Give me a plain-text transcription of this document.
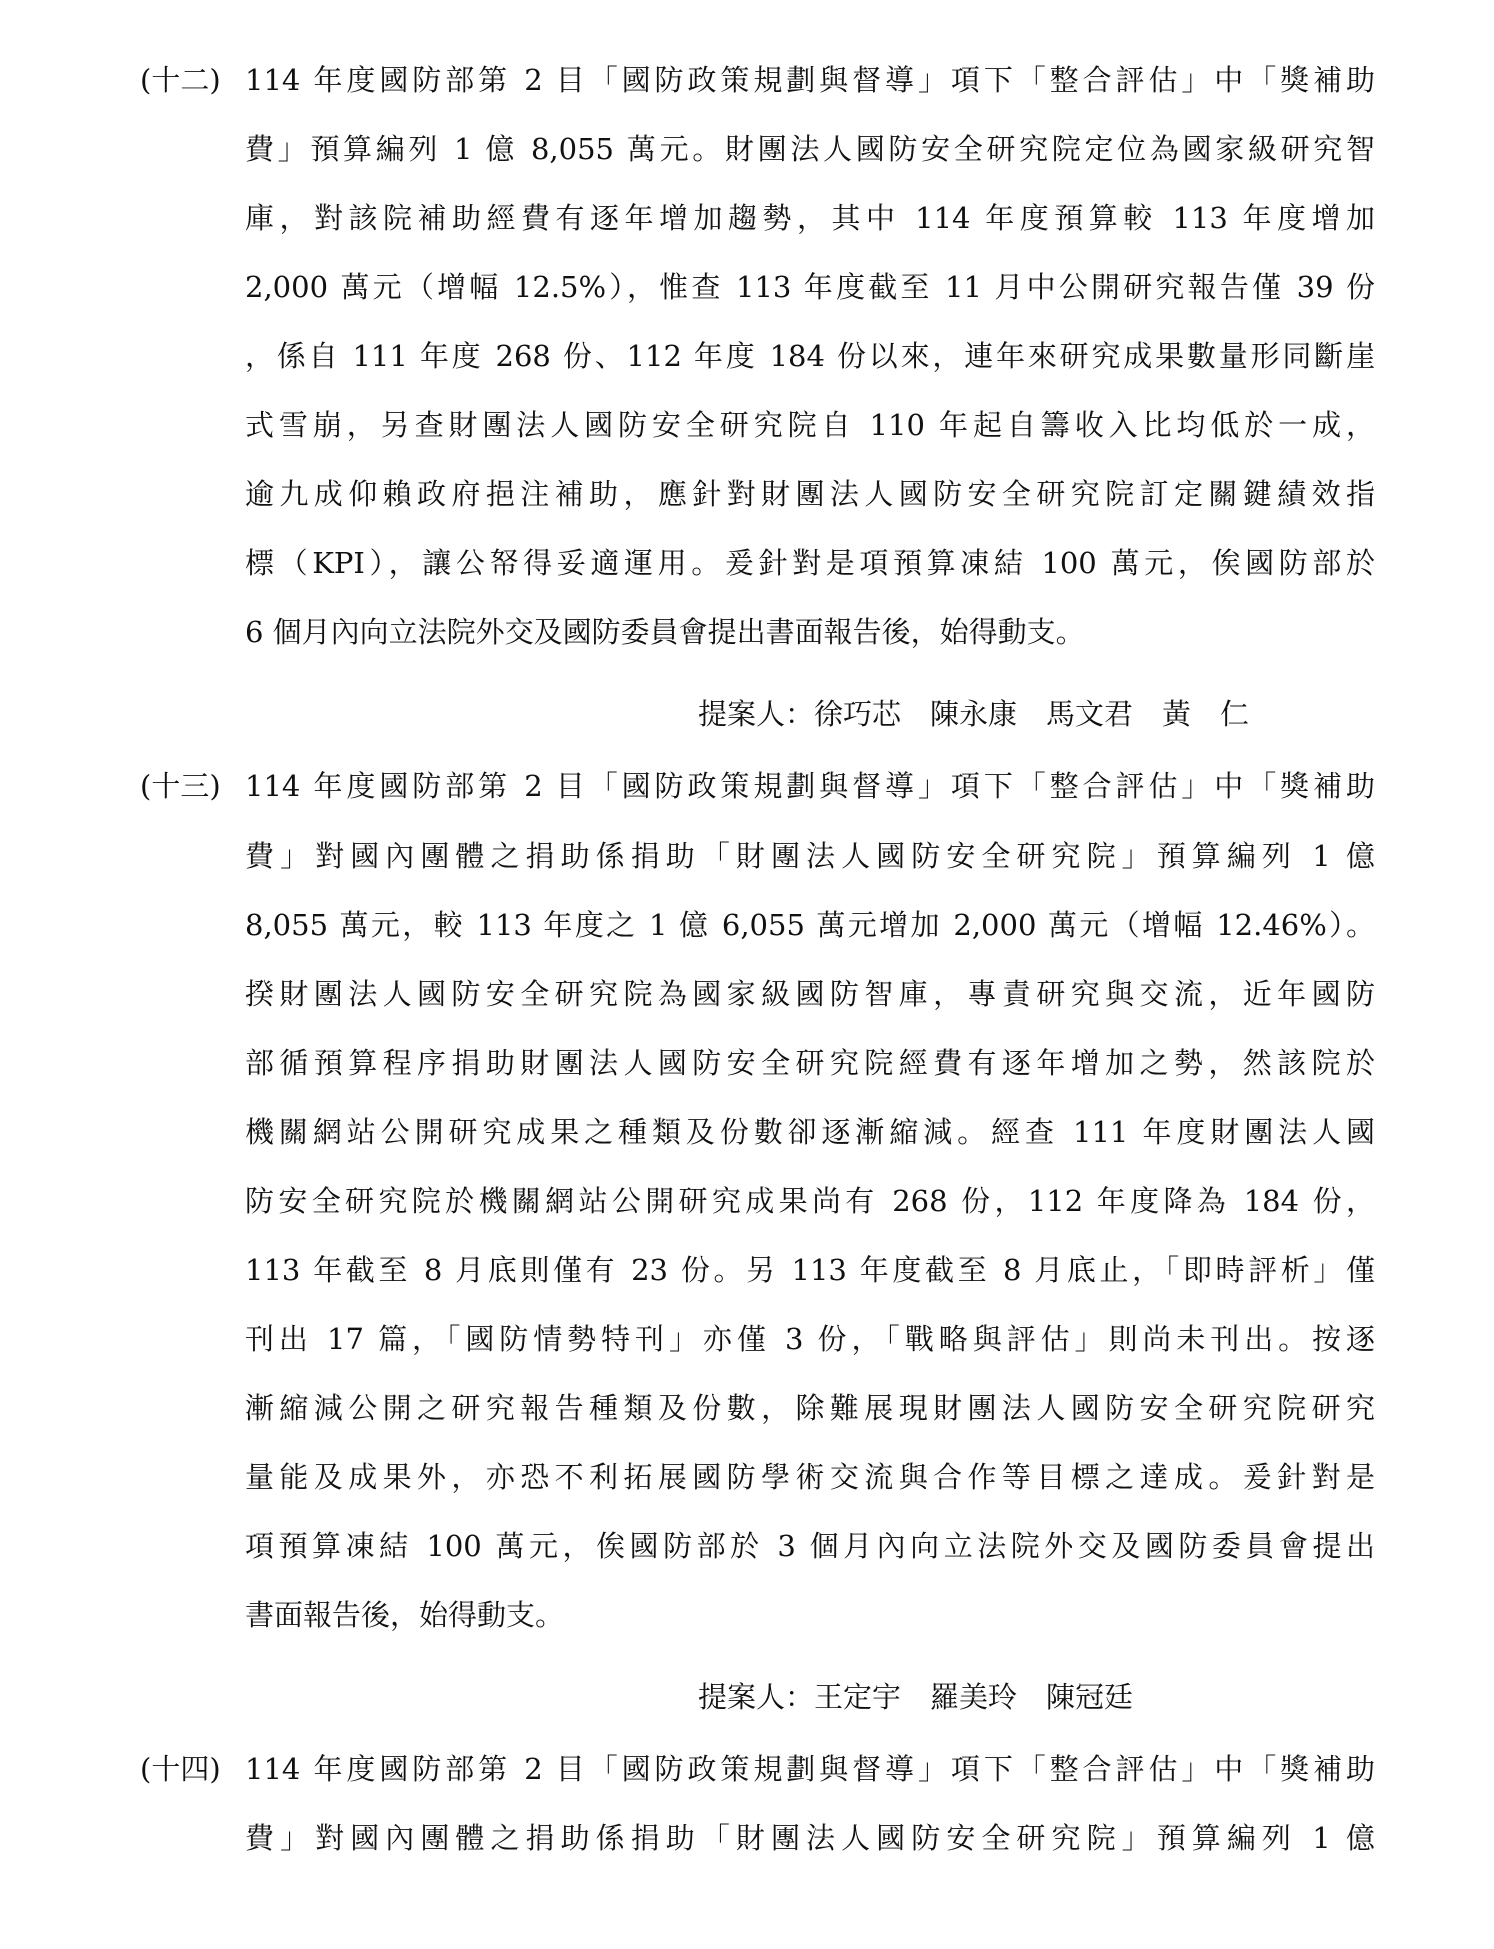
(十二) 114 年度國防部第 2 目「國防政策規劃與督導」項下「整合評估」中「獎補助
費」預算編列 1 億 8,055 萬元。財團法人國防安全研究院定位為國家級研究智
庫，對該院補助經費有逐年增加趨勢，其中 114 年度預算較 113 年度增加
2,000 萬元（增幅 12.5%），惟查 113 年度截至 11 月中公開研究報告僅 39 份
，係自 111 年度 268 份、112 年度 184 份以來，連年來研究成果數量形同斷崖
式雪崩，另查財團法人國防安全研究院自 110 年起自籌收入比均低於一成，
逾九成仰賴政府挹注補助，應針對財團法人國防安全研究院訂定關鍵績效指
標（KPI），讓公帑得妥適運用。爰針對是項預算凍結 100 萬元，俟國防部於
6 個月內向立法院外交及國防委員會提出書面報告後，始得動支。
提案人：徐巧芯　陳永康　馬文君　黃　仁
(十三) 114 年度國防部第 2 目「國防政策規劃與督導」項下「整合評估」中「獎補助
費」對國內團體之捐助係捐助「財團法人國防安全研究院」預算編列 1 億
8,055 萬元，較 113 年度之 1 億 6,055 萬元增加 2,000 萬元（增幅 12.46%）。
揆財團法人國防安全研究院為國家級國防智庫，專責研究與交流，近年國防
部循預算程序捐助財團法人國防安全研究院經費有逐年增加之勢，然該院於
機關網站公開研究成果之種類及份數卻逐漸縮減。經查 111 年度財團法人國
防安全研究院於機關網站公開研究成果尚有 268 份，112 年度降為 184 份，
113 年截至 8 月底則僅有 23 份。另 113 年度截至 8 月底止，「即時評析」僅
刊出 17 篇，「國防情勢特刊」亦僅 3 份，「戰略與評估」則尚未刊出。按逐
漸縮減公開之研究報告種類及份數，除難展現財團法人國防安全研究院研究
量能及成果外，亦恐不利拓展國防學術交流與合作等目標之達成。爰針對是
項預算凍結 100 萬元，俟國防部於 3 個月內向立法院外交及國防委員會提出
書面報告後，始得動支。
提案人：王定宇　羅美玲　陳冠廷
(十四) 114 年度國防部第 2 目「國防政策規劃與督導」項下「整合評估」中「獎補助
費」對國內團體之捐助係捐助「財團法人國防安全研究院」預算編列 1 億
